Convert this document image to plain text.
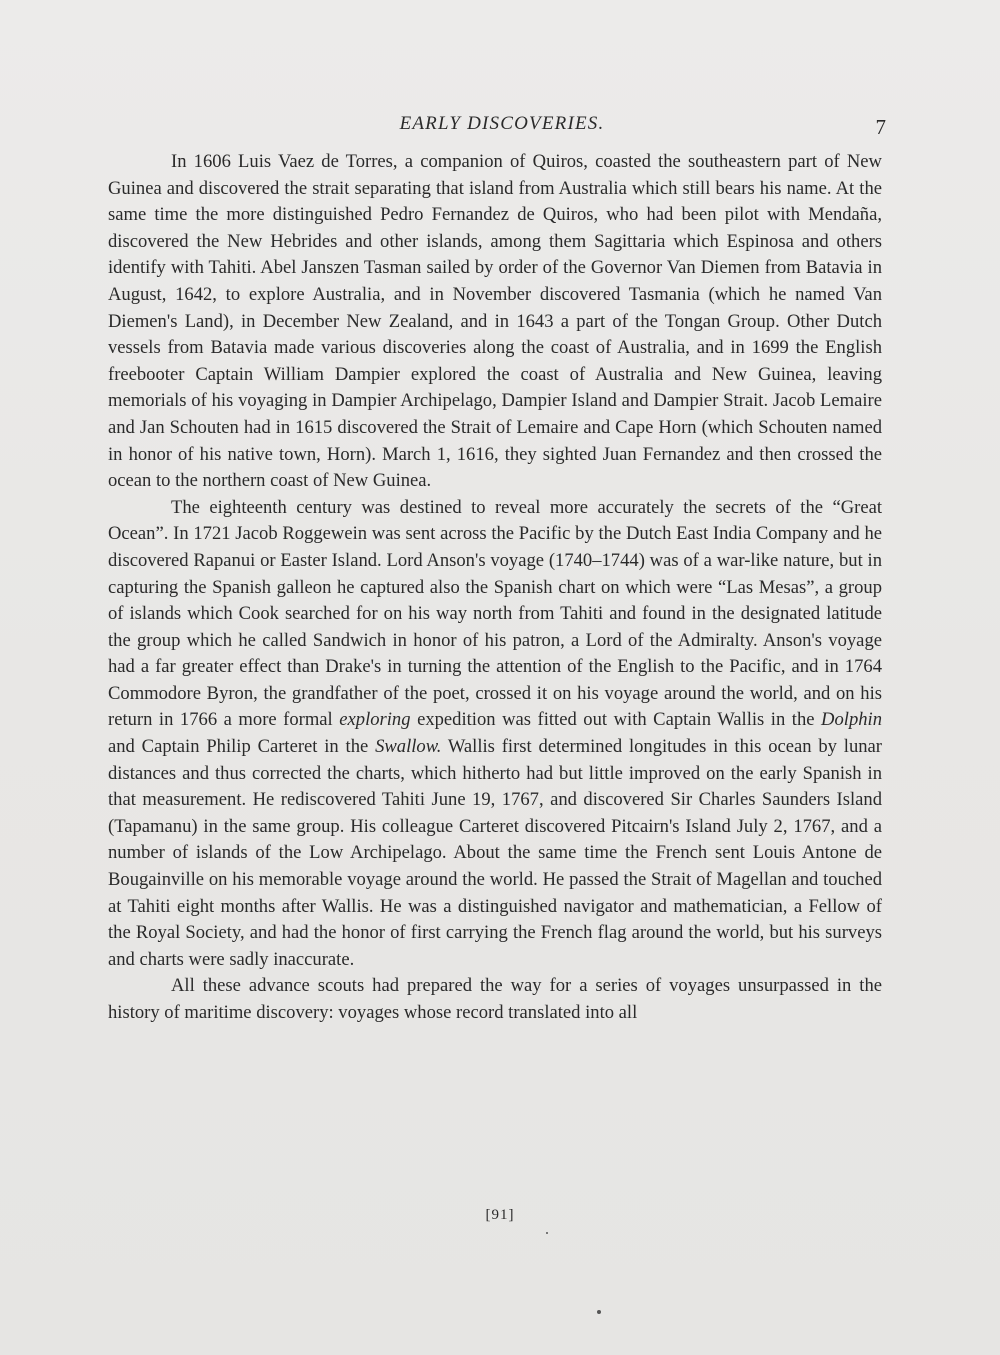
EARLY DISCOVERIES.	7

In 1606 Luis Vaez de Torres, a companion of Quiros, coasted the southeastern part of New Guinea and discovered the strait separating that island from Australia which still bears his name. At the same time the more distinguished Pedro Fernandez de Quiros, who had been pilot with Mendaña, discovered the New Hebrides and other islands, among them Sagittaria which Espinosa and others identify with Tahiti. Abel Janszen Tasman sailed by order of the Governor Van Diemen from Batavia in August, 1642, to explore Australia, and in November discovered Tasmania (which he named Van Diemen's Land), in December New Zealand, and in 1643 a part of the Tongan Group. Other Dutch vessels from Batavia made various discoveries along the coast of Australia, and in 1699 the English freebooter Captain William Dampier explored the coast of Australia and New Guinea, leaving memorials of his voyaging in Dampier Archipelago, Dampier Island and Dampier Strait. Jacob Lemaire and Jan Schouten had in 1615 discovered the Strait of Lemaire and Cape Horn (which Schouten named in honor of his native town, Horn). March 1, 1616, they sighted Juan Fernandez and then crossed the ocean to the northern coast of New Guinea.

The eighteenth century was destined to reveal more accurately the secrets of the “Great Ocean”. In 1721 Jacob Roggewein was sent across the Pacific by the Dutch East India Company and he discovered Rapanui or Easter Island. Lord Anson's voyage (1740–1744) was of a war-like nature, but in capturing the Spanish galleon he captured also the Spanish chart on which were “Las Mesas”, a group of islands which Cook searched for on his way north from Tahiti and found in the designated latitude the group which he called Sandwich in honor of his patron, a Lord of the Admiralty. Anson's voyage had a far greater effect than Drake's in turning the attention of the English to the Pacific, and in 1764 Commodore Byron, the grandfather of the poet, crossed it on his voyage around the world, and on his return in 1766 a more formal exploring expedition was fitted out with Captain Wallis in the Dolphin and Captain Philip Carteret in the Swallow. Wallis first determined longitudes in this ocean by lunar distances and thus corrected the charts, which hitherto had but little improved on the early Spanish in that measurement. He rediscovered Tahiti June 19, 1767, and discovered Sir Charles Saunders Island (Tapamanu) in the same group. His colleague Carteret discovered Pitcairn's Island July 2, 1767, and a number of islands of the Low Archipelago. About the same time the French sent Louis Antone de Bougainville on his memorable voyage around the world. He passed the Strait of Magellan and touched at Tahiti eight months after Wallis. He was a distinguished navigator and mathematician, a Fellow of the Royal Society, and had the honor of first carrying the French flag around the world, but his surveys and charts were sadly inaccurate.

All these advance scouts had prepared the way for a series of voyages unsurpassed in the history of maritime discovery: voyages whose record translated into all

[91]
